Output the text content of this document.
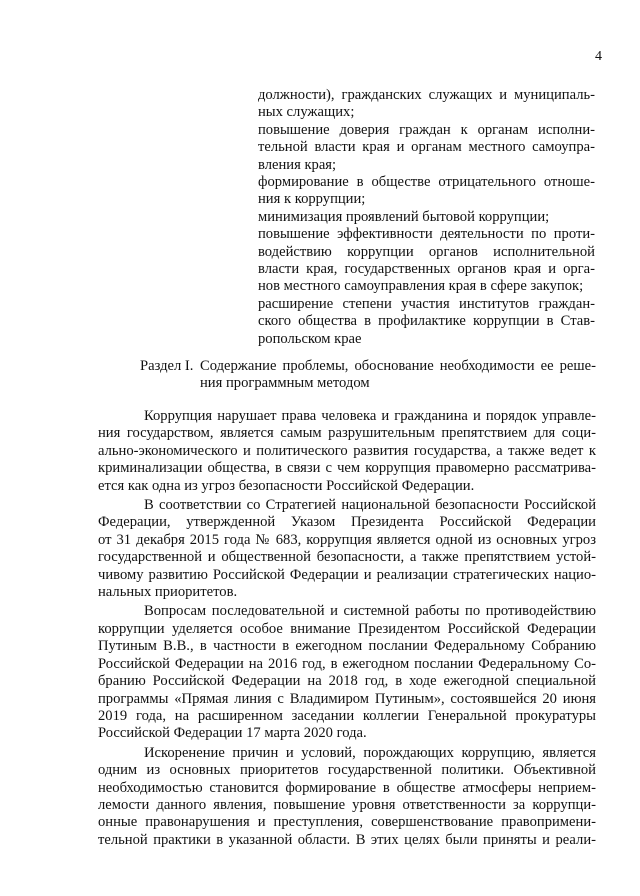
4
должности), гражданских служащих и муниципаль-
ных служащих;
повышение доверия граждан к органам исполни-
тельной власти края и органам местного самоупра-
вления края;
формирование в обществе отрицательного отноше-
ния к коррупции;
минимизация проявлений бытовой коррупции;
повышение эффективности деятельности по проти-
водействию коррупции органов исполнительной
власти края, государственных органов края и орга-
нов местного самоуправления края в сфере закупок;
расширение степени участия институтов граждан-
ского общества в профилактике коррупции в Став-
ропольском крае
Раздел I. Содержание проблемы, обоснование необходимости ее реше-
ния программным методом
Коррупция нарушает права человека и гражданина и порядок управле-
ния государством, является самым разрушительным препятствием для соци-
ально-экономического и политического развития государства, а также ведет к
криминализации общества, в связи с чем коррупция правомерно рассматрива-
ется как одна из угроз безопасности Российской Федерации.
В соответствии со Стратегией национальной безопасности Российской
Федерации, утвержденной Указом Президента Российской Федерации
от 31 декабря 2015 года № 683, коррупция является одной из основных угроз
государственной и общественной безопасности, а также препятствием устой-
чивому развитию Российской Федерации и реализации стратегических нацио-
нальных приоритетов.
Вопросам последовательной и системной работы по противодействию
коррупции уделяется особое внимание Президентом Российской Федерации
Путиным В.В., в частности в ежегодном послании Федеральному Собранию
Российской Федерации на 2016 год, в ежегодном послании Федеральному Со-
бранию Российской Федерации на 2018 год, в ходе ежегодной специальной
программы «Прямая линия с Владимиром Путиным», состоявшейся 20 июня
2019 года, на расширенном заседании коллегии Генеральной прокуратуры
Российской Федерации 17 марта 2020 года.
Искоренение причин и условий, порождающих коррупцию, является
одним из основных приоритетов государственной политики. Объективной
необходимостью становится формирование в обществе атмосферы неприем-
лемости данного явления, повышение уровня ответственности за коррупци-
онные правонарушения и преступления, совершенствование правопримени-
тельной практики в указанной области. В этих целях были приняты и реали-
